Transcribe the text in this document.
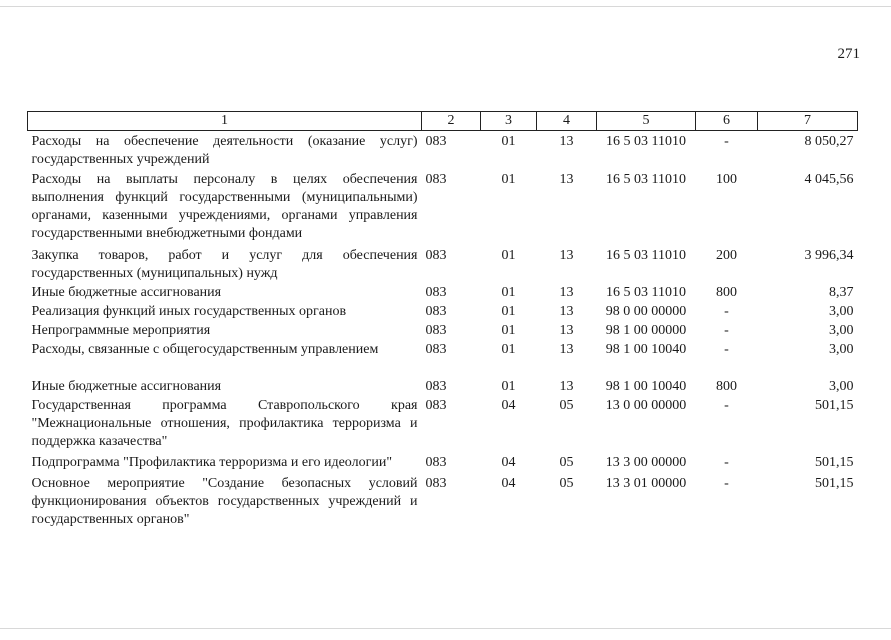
271
1	2	3	4	5	6	7
Расходы на обеспечение деятельности (оказание услуг) государственных учреждений	083	01	13	16 5 03 11010	-	8 050,27
Расходы на выплаты персоналу в целях обеспечения выполнения функций государственными (муниципальными) органами, казенными учреждениями, органами управления государственными внебюджетными фондами	083	01	13	16 5 03 11010	100	4 045,56
Закупка товаров, работ и услуг для обеспечения государственных (муниципальных) нужд	083	01	13	16 5 03 11010	200	3 996,34
Иные бюджетные ассигнования	083	01	13	16 5 03 11010	800	8,37
Реализация функций иных государственных органов	083	01	13	98 0 00 00000	-	3,00
Непрограммные мероприятия	083	01	13	98 1 00 00000	-	3,00
Расходы, связанные с общегосударственным управлением	083	01	13	98 1 00 10040	-	3,00
Иные бюджетные ассигнования	083	01	13	98 1 00 10040	800	3,00
Государственная программа Ставропольского края "Межнациональные отношения, профилактика терроризма и поддержка казачества"	083	04	05	13 0 00 00000	-	501,15
Подпрограмма "Профилактика терроризма и его идеологии"	083	04	05	13 3 00 00000	-	501,15
Основное мероприятие "Создание безопасных условий функционирования объектов государственных учреждений и государственных органов"	083	04	05	13 3 01 00000	-	501,15
